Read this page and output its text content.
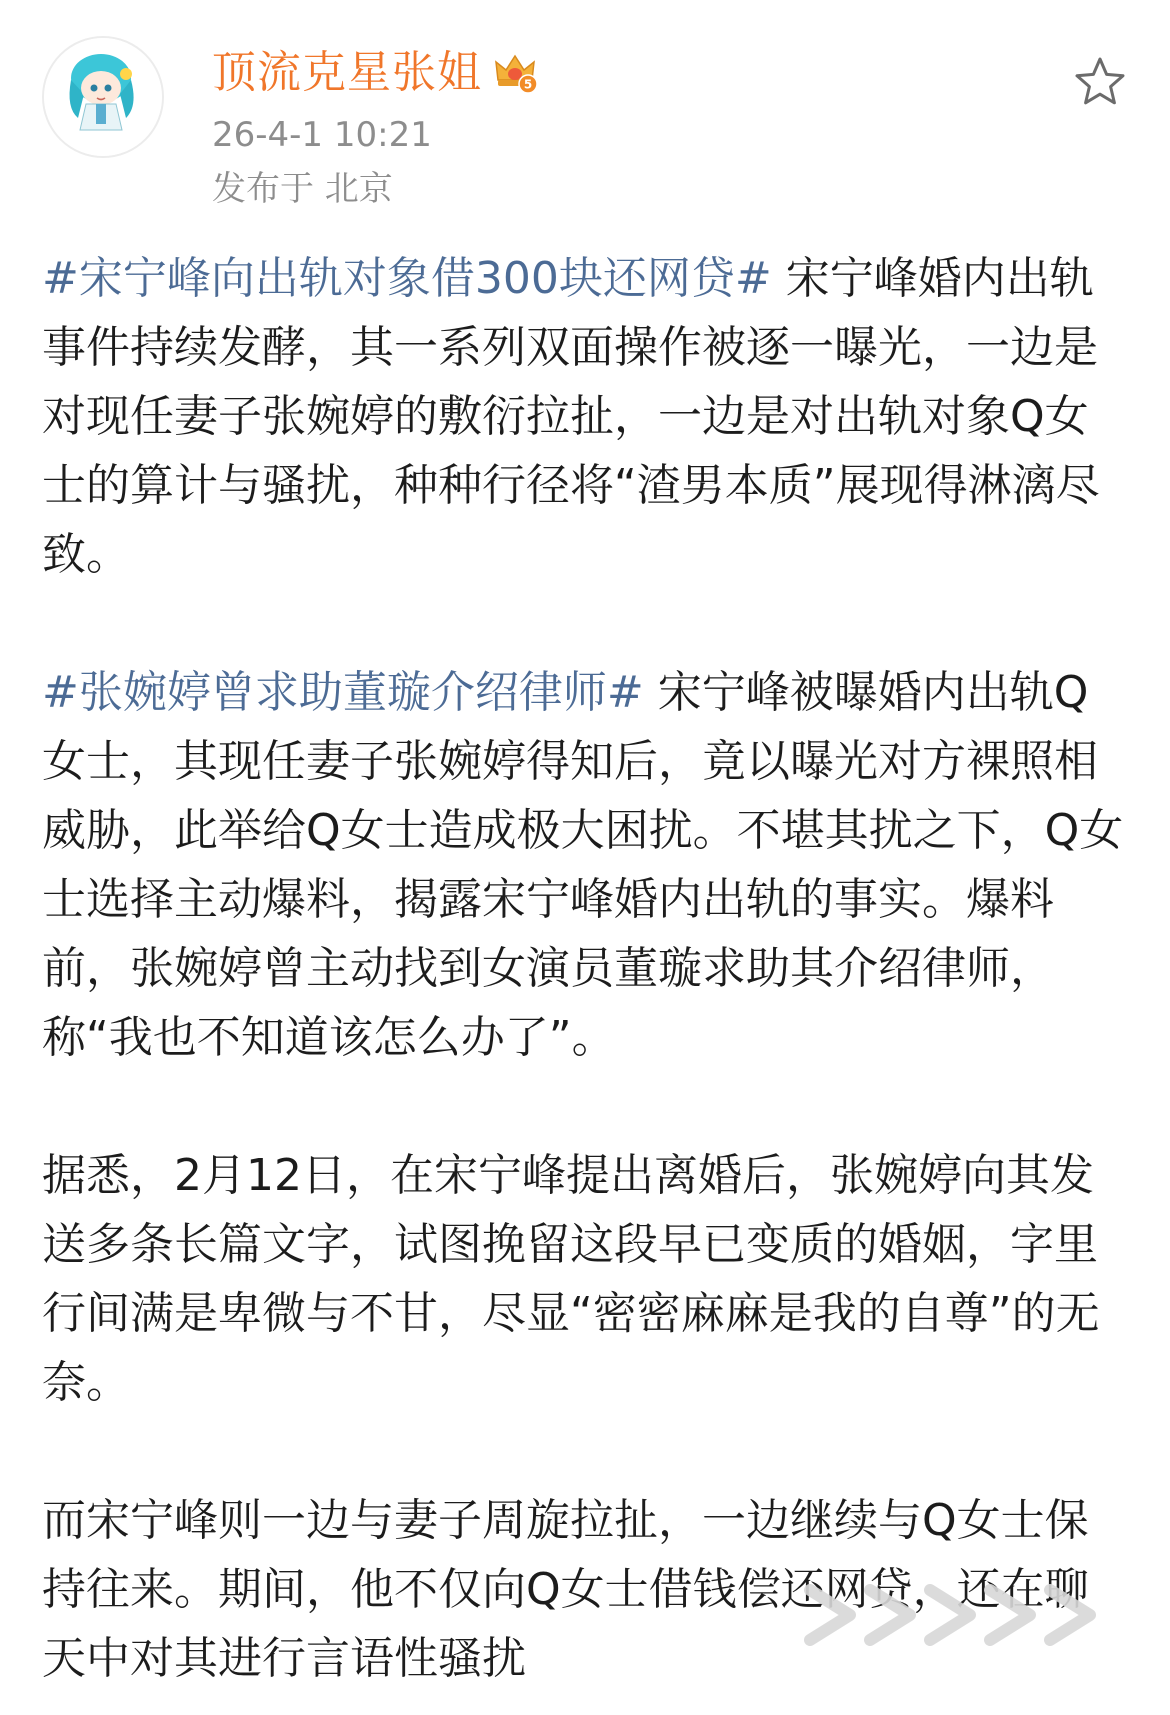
顶流克星张姐	5
26-4-1 10:21
发布于 北京

#宋宁峰向出轨对象借300块还网贷# 宋宁峰婚内出轨事件持续发酵，其一系列双面操作被逐一曝光，一边是对现任妻子张婉婷的敷衍拉扯，一边是对出轨对象Q女士的算计与骚扰，种种行径将“渣男本质”展现得淋漓尽致。

#张婉婷曾求助董璇介绍律师# 宋宁峰被曝婚内出轨Q女士，其现任妻子张婉婷得知后，竟以曝光对方裸照相威胁，此举给Q女士造成极大困扰。不堪其扰之下，Q女士选择主动爆料，揭露宋宁峰婚内出轨的事实。爆料前，张婉婷曾主动找到女演员董璇求助其介绍律师，称“我也不知道该怎么办了”。

据悉，2月12日，在宋宁峰提出离婚后，张婉婷向其发送多条长篇文字，试图挽留这段早已变质的婚姻，字里行间满是卑微与不甘，尽显“密密麻麻是我的自尊”的无奈。

而宋宁峰则一边与妻子周旋拉扯，一边继续与Q女士保持往来。期间，他不仅向Q女士借钱偿还网贷，还在聊天中对其进行言语性骚扰
